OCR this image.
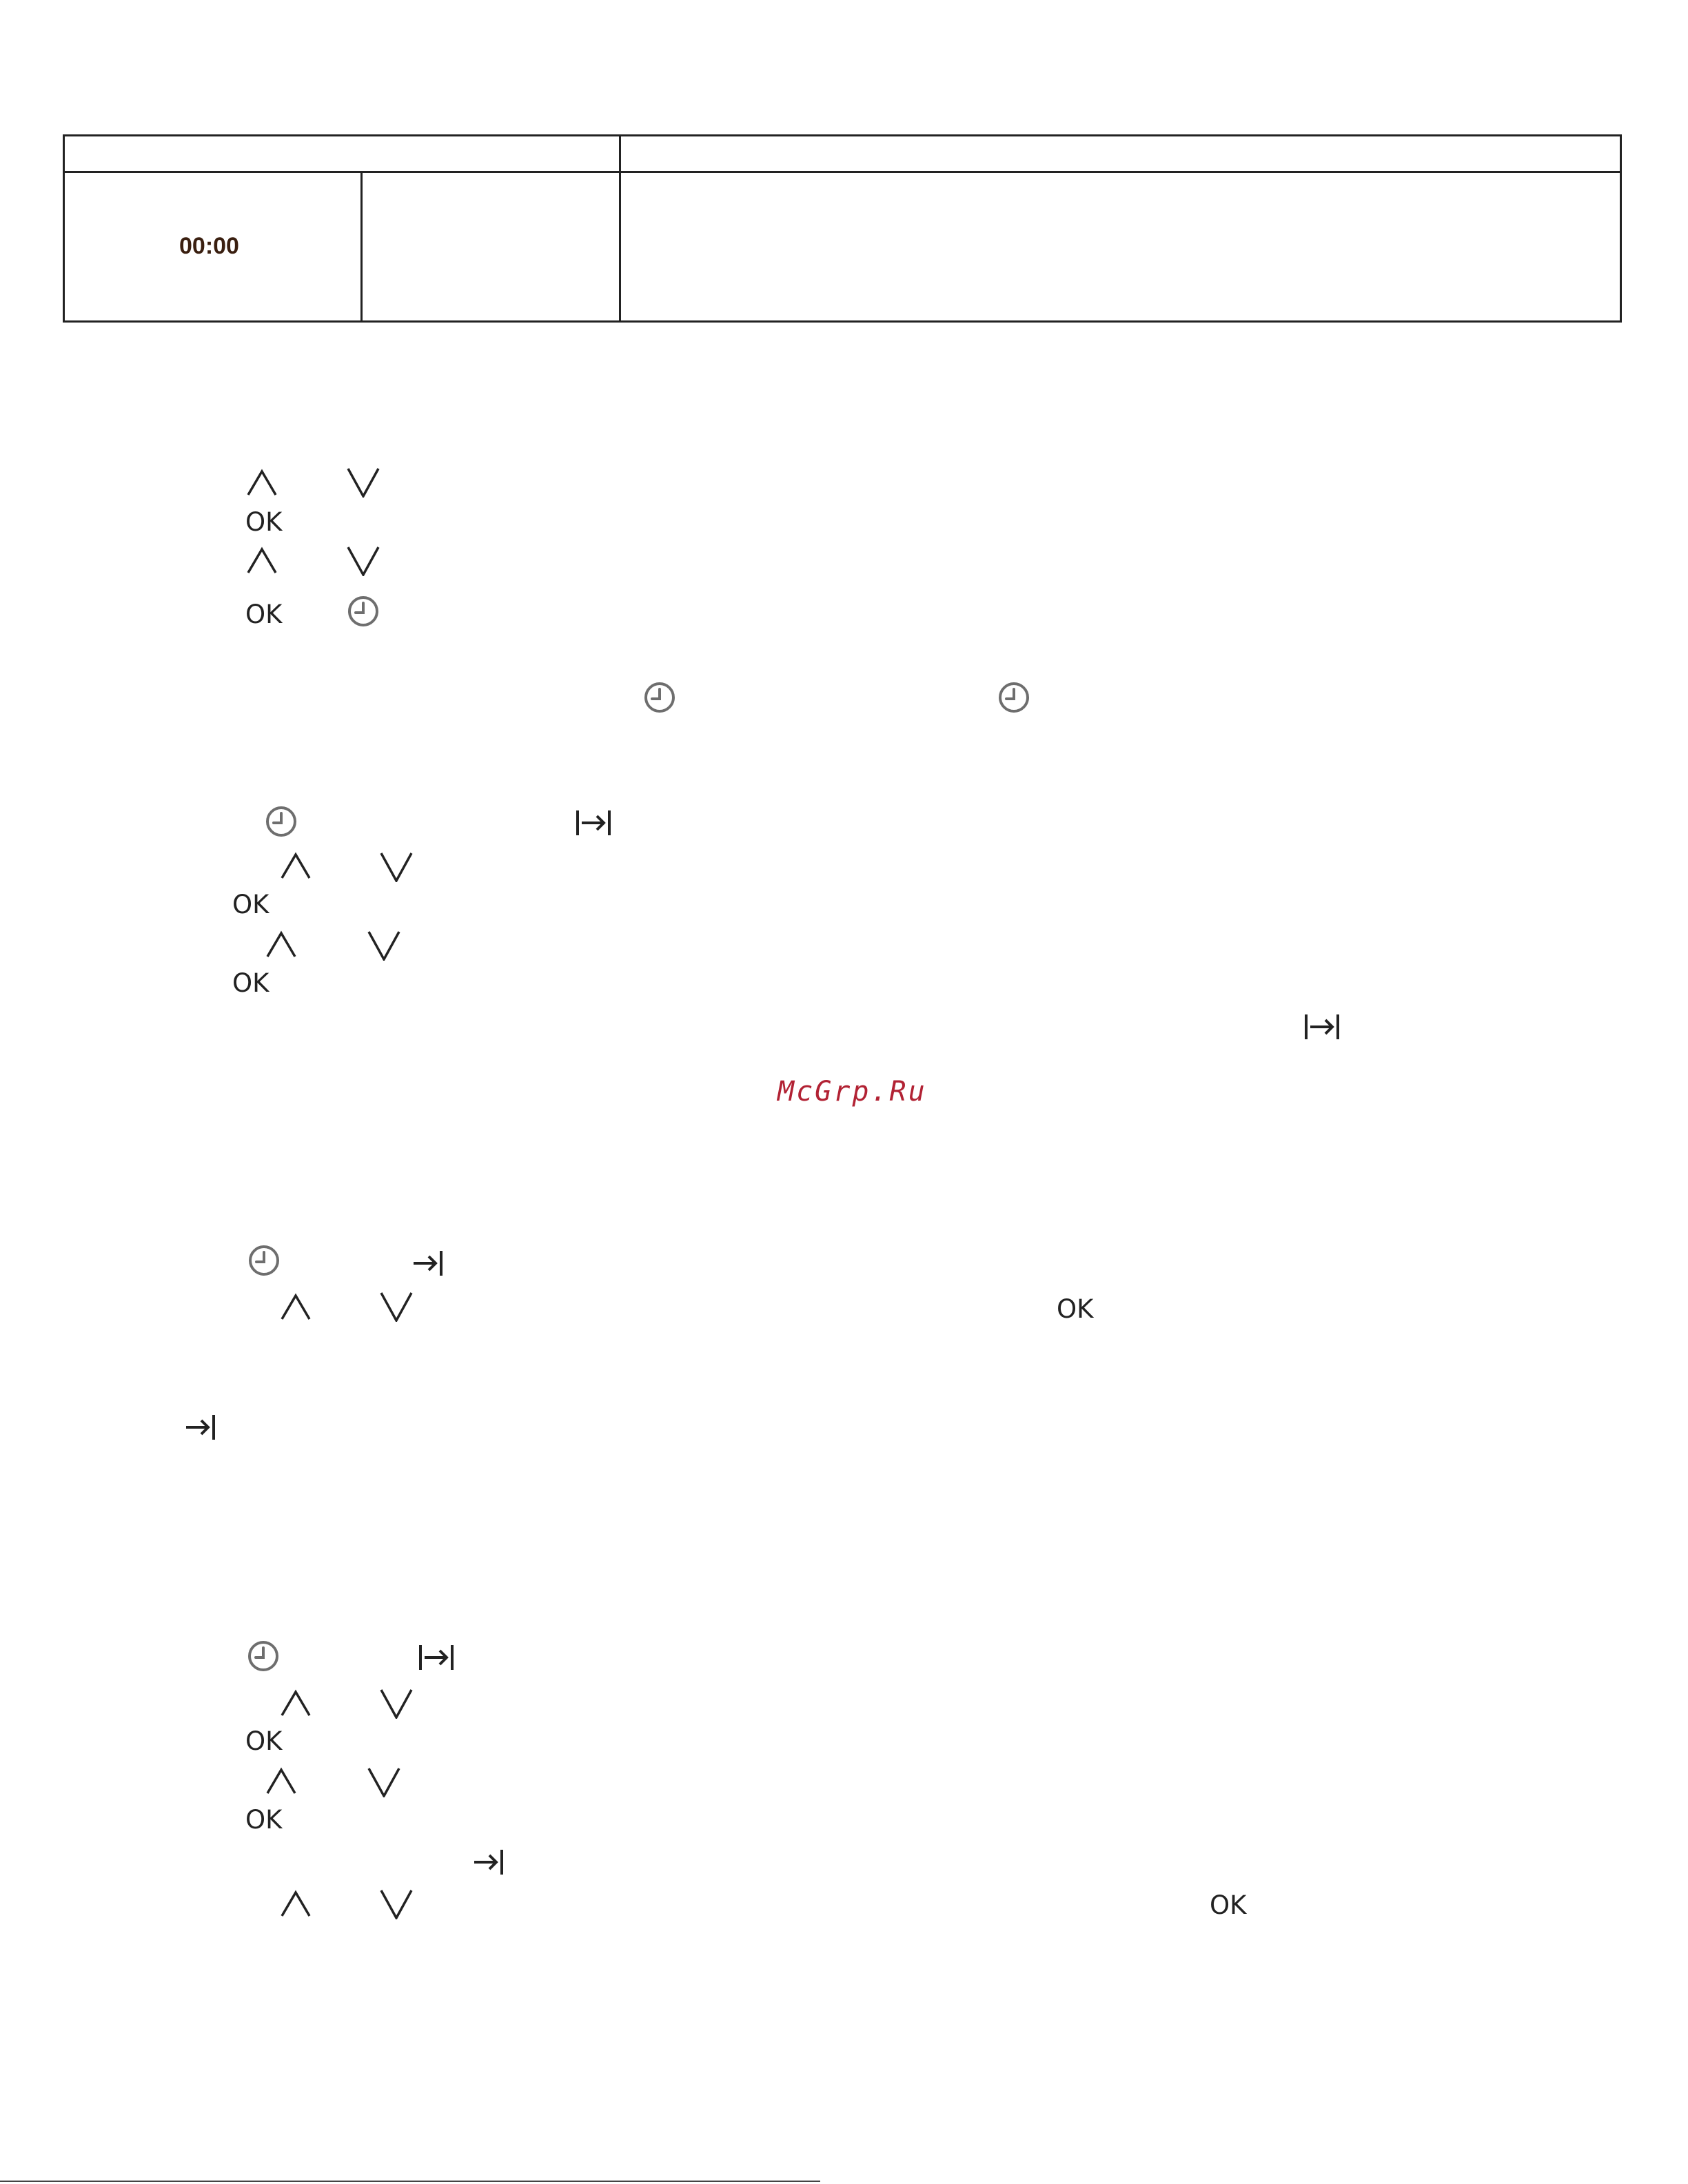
00:00
OK
OK
OK
OK
McGrp.Ru
OK
OK
OK
OK
